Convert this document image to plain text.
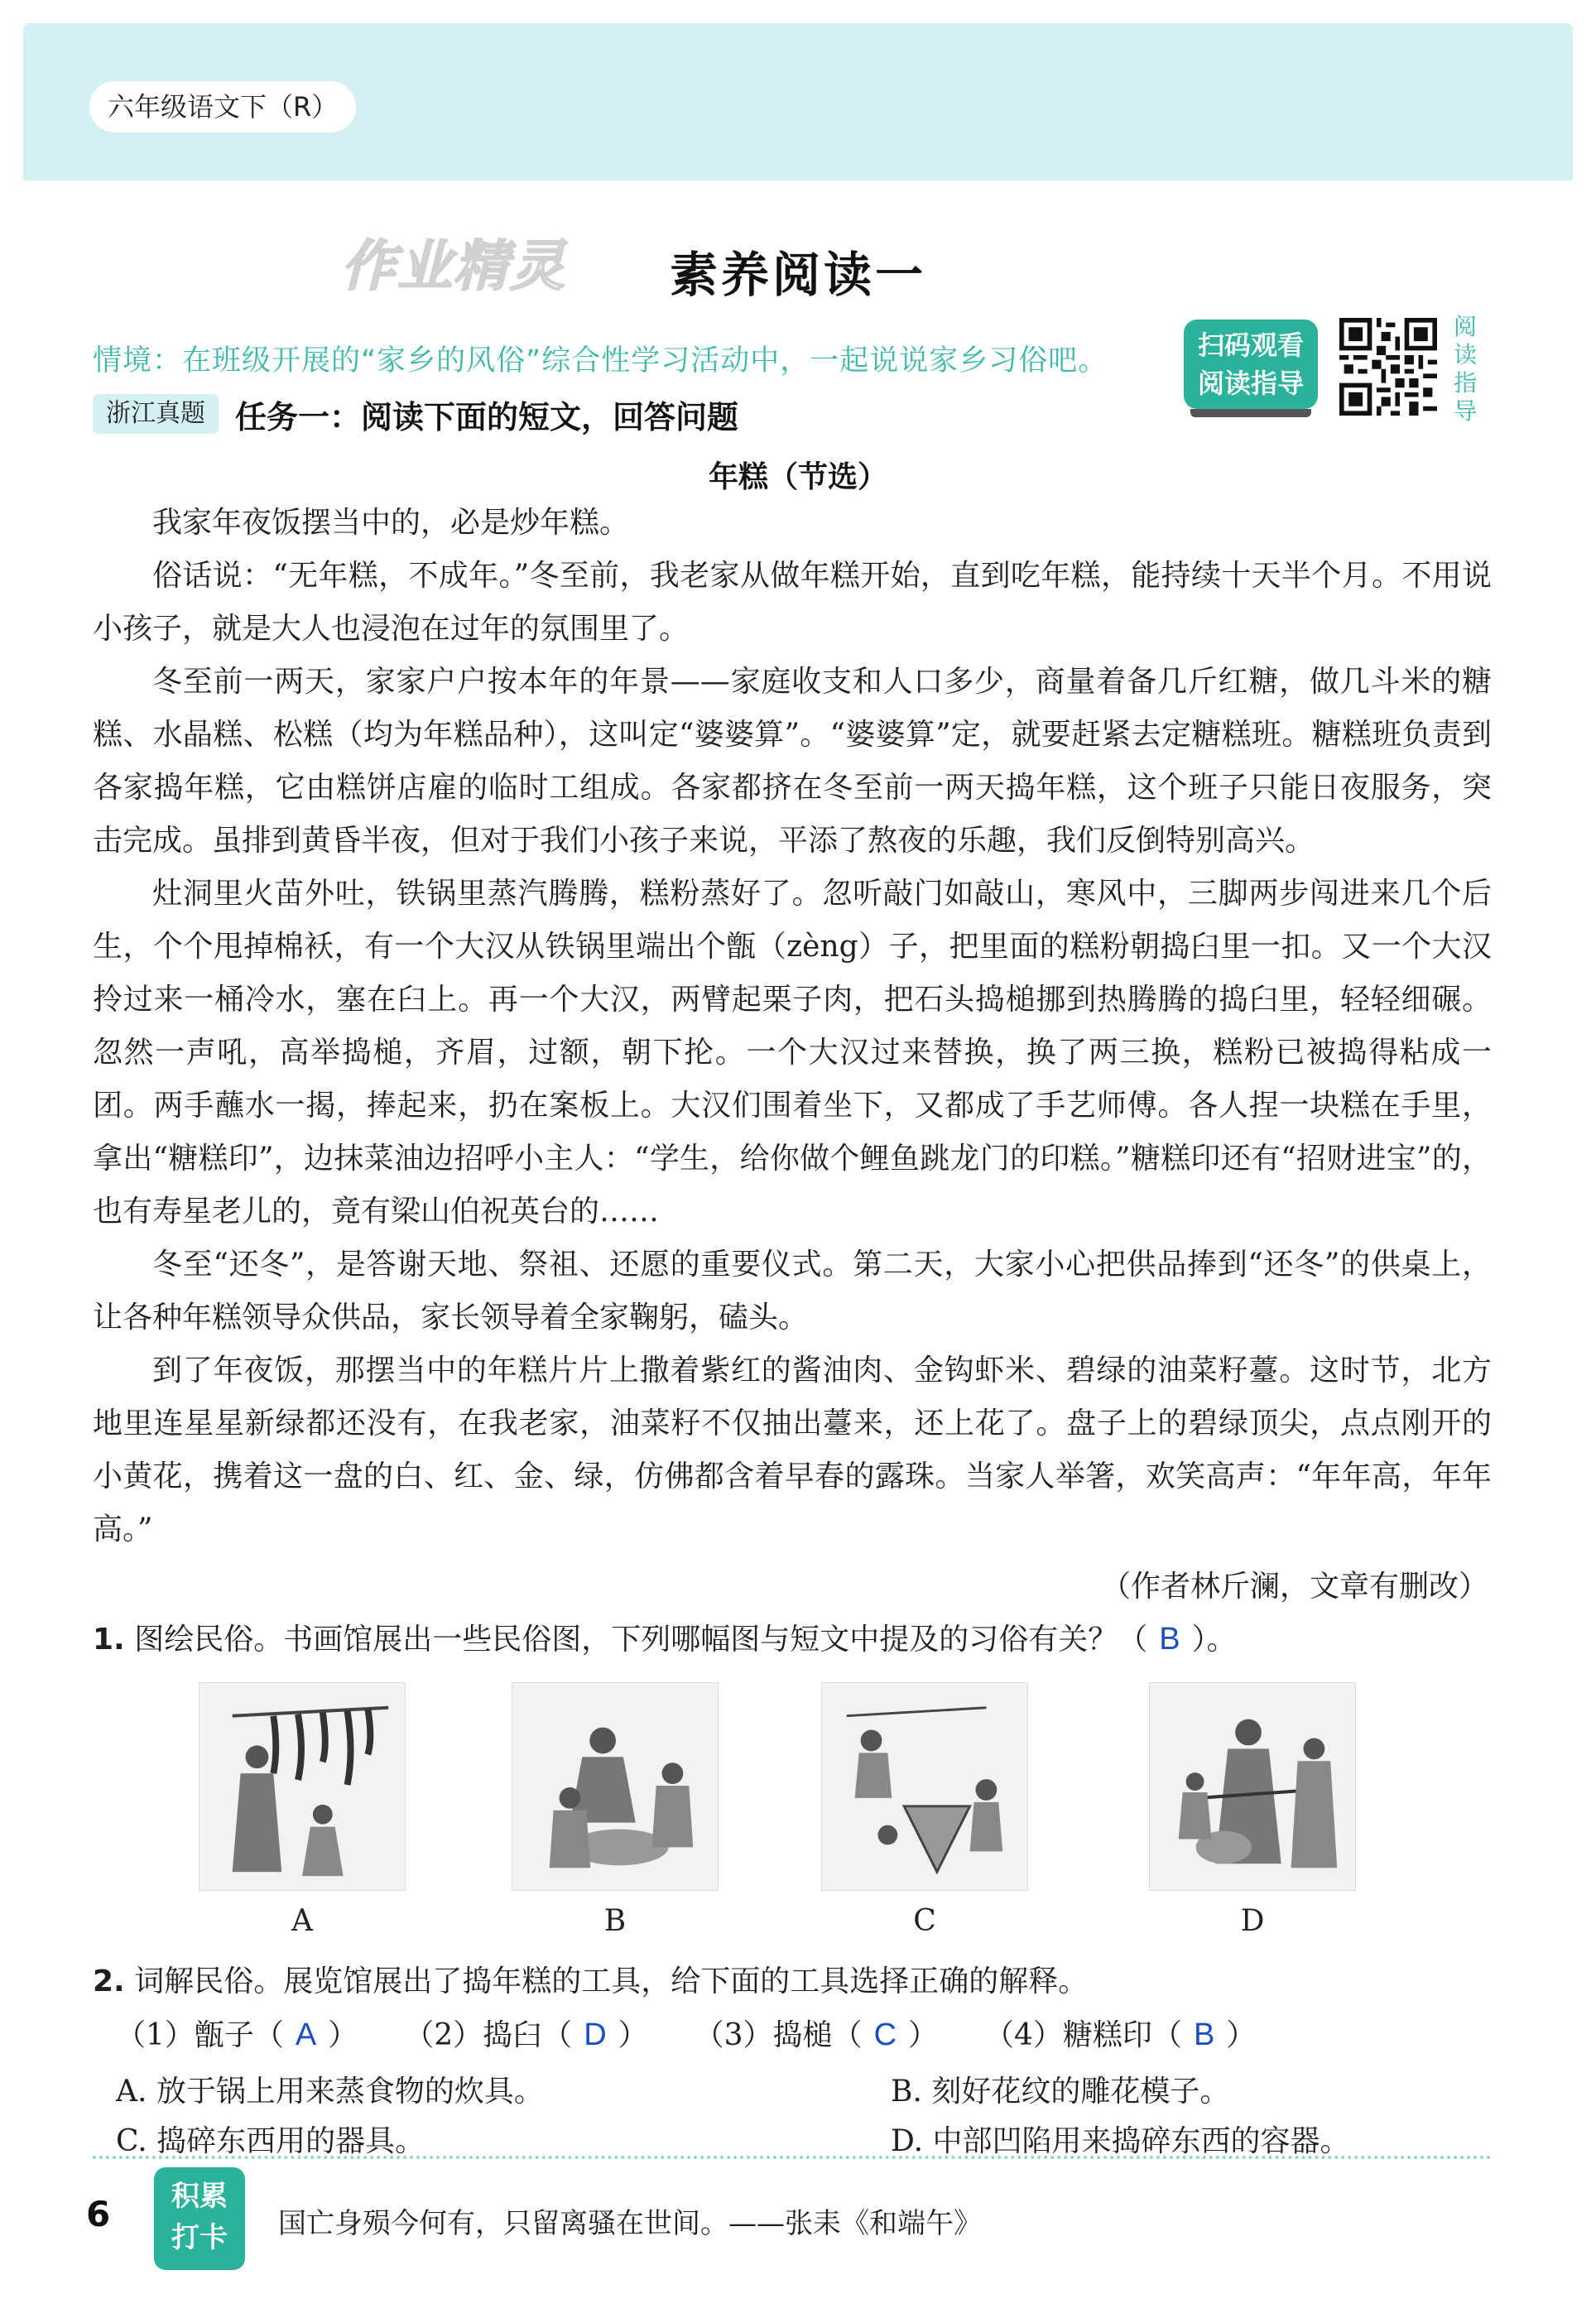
六年级语文下（R）
作业精灵	素养阅读一
情境：在班级开展的“家乡的风俗”综合性学习活动中，一起说说家乡习俗吧。	扫码观看
阅读指导
阅读指导
浙江真题 任务一：阅读下面的短文，回答问题
年糕（节选）

我家年夜饭摆当中的，必是炒年糕。

俗话说：“无年糕，不成年。”冬至前，我老家从做年糕开始，直到吃年糕，能持续十天半个月。不用说小孩子，就是大人也浸泡在过年的氛围里了。

冬至前一两天，家家户户按本年的年景——家庭收支和人口多少，商量着备几斤红糖，做几斗米的糖糕、水晶糕、松糕（均为年糕品种），这叫定“婆婆算”。“婆婆算”定，就要赶紧去定糖糕班。糖糕班负责到各家捣年糕，它由糕饼店雇的临时工组成。各家都挤在冬至前一两天捣年糕，这个班子只能日夜服务，突击完成。虽排到黄昏半夜，但对于我们小孩子来说，平添了熬夜的乐趣，我们反倒特别高兴。

灶洞里火苗外吐，铁锅里蒸汽腾腾，糕粉蒸好了。忽听敲门如敲山，寒风中，三脚两步闯进来几个后生，个个甩掉棉袄，有一个大汉从铁锅里端出个甑（zèng）子，把里面的糕粉朝捣臼里一扣。又一个大汉拎过来一桶冷水，塞在臼上。再一个大汉，两臂起栗子肉，把石头捣槌挪到热腾腾的捣臼里，轻轻细碾。忽然一声吼，高举捣槌，齐眉，过额，朝下抡。一个大汉过来替换，换了两三换，糕粉已被捣得粘成一团。两手蘸水一揭，捧起来，扔在案板上。大汉们围着坐下，又都成了手艺师傅。各人捏一块糕在手里，拿出“糖糕印”，边抹菜油边招呼小主人：“学生，给你做个鲤鱼跳龙门的印糕。”糖糕印还有“招财进宝”的，也有寿星老儿的，竟有梁山伯祝英台的……

冬至“还冬”，是答谢天地、祭祖、还愿的重要仪式。第二天，大家小心把供品捧到“还冬”的供桌上，让各种年糕领导众供品，家长领导着全家鞠躬，磕头。

到了年夜饭，那摆当中的年糕片片上撒着紫红的酱油肉、金钩虾米、碧绿的油菜籽薹。这时节，北方地里连星星新绿都还没有，在我老家，油菜籽不仅抽出薹来，还上花了。盘子上的碧绿顶尖，点点刚开的小黄花，携着这一盘的白、红、金、绿，仿佛都含着早春的露珠。当家人举箸，欢笑高声：“年年高，年年高。”

（作者林斤澜，文章有删改）
1. 图绘民俗。书画馆展出一些民俗图，下列哪幅图与短文中提及的习俗有关？（ B ）。
A	B	C	D
2. 词解民俗。展览馆展出了捣年糕的工具，给下面的工具选择正确的解释。
（1）甑子（ A ） （2）捣臼（ D ） （3）捣槌（ C ） （4）糖糕印（ B ）
A. 放于锅上用来蒸食物的炊具。	B. 刻好花纹的雕花模子。
C. 捣碎东西用的器具。	D. 中部凹陷用来捣碎东西的容器。
6	积累
打卡	国亡身殒今何有，只留离骚在世间。——张耒《和端午》
